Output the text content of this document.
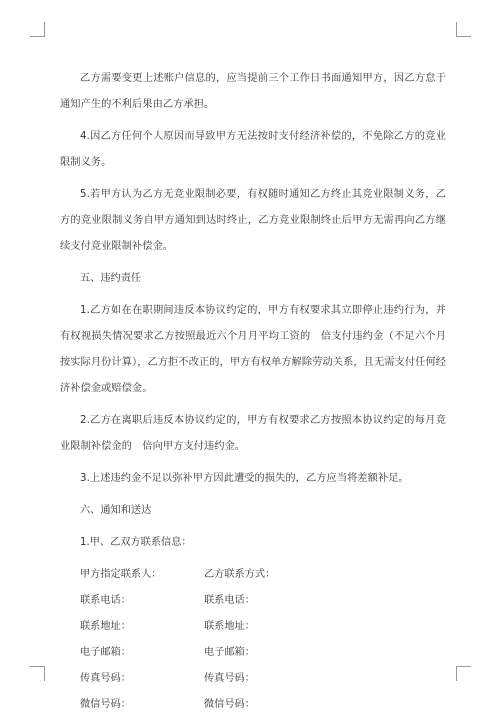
乙方需要变更上述账户信息的，应当提前三个工作日书面通知甲方，因乙方怠于通知产生的不利后果由乙方承担。

4.因乙方任何个人原因而导致甲方无法按时支付经济补偿的，不免除乙方的竞业限制义务。

5.若甲方认为乙方无竞业限制必要，有权随时通知乙方终止其竞业限制义务，乙方的竞业限制义务自甲方通知到达时终止，乙方竞业限制终止后甲方无需再向乙方继续支付竞业限制补偿金。

五、违约责任

1.乙方如在在职期间违反本协议约定的，甲方有权要求其立即停止违约行为，并有权视损失情况要求乙方按照最近六个月月平均工资的　倍支付违约金（不足六个月按实际月份计算），乙方拒不改正的，甲方有权单方解除劳动关系，且无需支付任何经济补偿金或赔偿金。

2.乙方在离职后违反本协议约定的，甲方有权要求乙方按照本协议约定的每月竞业限制补偿金的　倍向甲方支付违约金。

3.上述违约金不足以弥补甲方因此遭受的损失的，乙方应当将差额补足。

六、通知和送达

1.甲、乙双方联系信息：

甲方指定联系人：	乙方联系方式：
联系电话：	联系电话：
联系地址：	联系地址：
电子邮箱：	电子邮箱：
传真号码：	传真号码：
微信号码：	微信号码：
